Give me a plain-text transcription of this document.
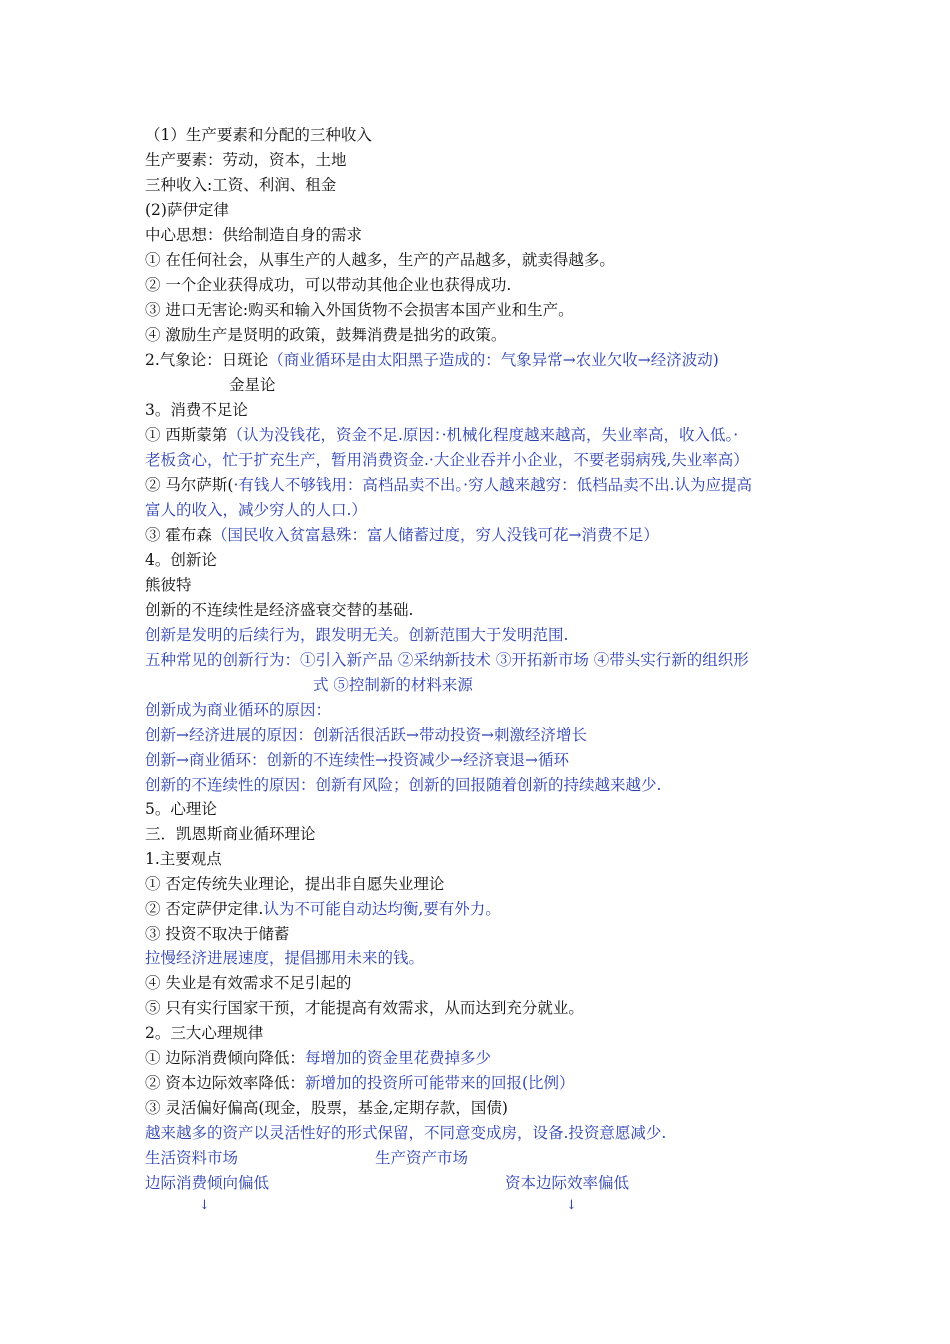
（1）生产要素和分配的三种收入
生产要素：劳动，资本，土地
三种收入:工资、利润、租金
(2)萨伊定律
中心思想：供给制造自身的需求
① 在任何社会，从事生产的人越多，生产的产品越多，就卖得越多。
② 一个企业获得成功，可以带动其他企业也获得成功.
③ 进口无害论:购买和输入外国货物不会损害本国产业和生产。
④ 激励生产是贤明的政策，鼓舞消费是拙劣的政策。
2.气象论：日斑论（商业循环是由太阳黑子造成的：气象异常→农业欠收→经济波动)
金星论
3。消费不足论
① 西斯蒙第（认为没钱花，资金不足.原因：·机械化程度越来越高，失业率高，收入低。·
老板贪心，忙于扩充生产，暂用消费资金.·大企业吞并小企业，不要老弱病残,失业率高）
② 马尔萨斯(·有钱人不够钱用：高档品卖不出。·穷人越来越穷：低档品卖不出.认为应提高
富人的收入，减少穷人的人口.）
③ 霍布森（国民收入贫富悬殊：富人储蓄过度，穷人没钱可花→消费不足）
4。创新论
熊彼特
创新的不连续性是经济盛衰交替的基础.
创新是发明的后续行为，跟发明无关。创新范围大于发明范围.
五种常见的创新行为：①引入新产品 ②采纳新技术 ③开拓新市场 ④带头实行新的组织形
式 ⑤控制新的材料来源
创新成为商业循环的原因：
创新→经济进展的原因：创新活很活跃→带动投资→刺激经济增长
创新→商业循环：创新的不连续性→投资减少→经济衰退→循环
创新的不连续性的原因：创新有风险；创新的回报随着创新的持续越来越少.
5。心理论
三．凯恩斯商业循环理论
1.主要观点
① 否定传统失业理论，提出非自愿失业理论
② 否定萨伊定律.认为不可能自动达均衡,要有外力。
③ 投资不取决于储蓄
拉慢经济进展速度，提倡挪用未来的钱。
④ 失业是有效需求不足引起的
⑤ 只有实行国家干预，才能提高有效需求，从而达到充分就业。
2。三大心理规律
① 边际消费倾向降低：每增加的资金里花费掉多少
② 资本边际效率降低：新增加的投资所可能带来的回报(比例）
③ 灵活偏好偏高(现金，股票，基金,定期存款，国债)
越来越多的资产以灵活性好的形式保留，不同意变成房，设备.投资意愿减少.
生活资料市场	生产资产市场
边际消费倾向偏低	资本边际效率偏低
↓	↓
